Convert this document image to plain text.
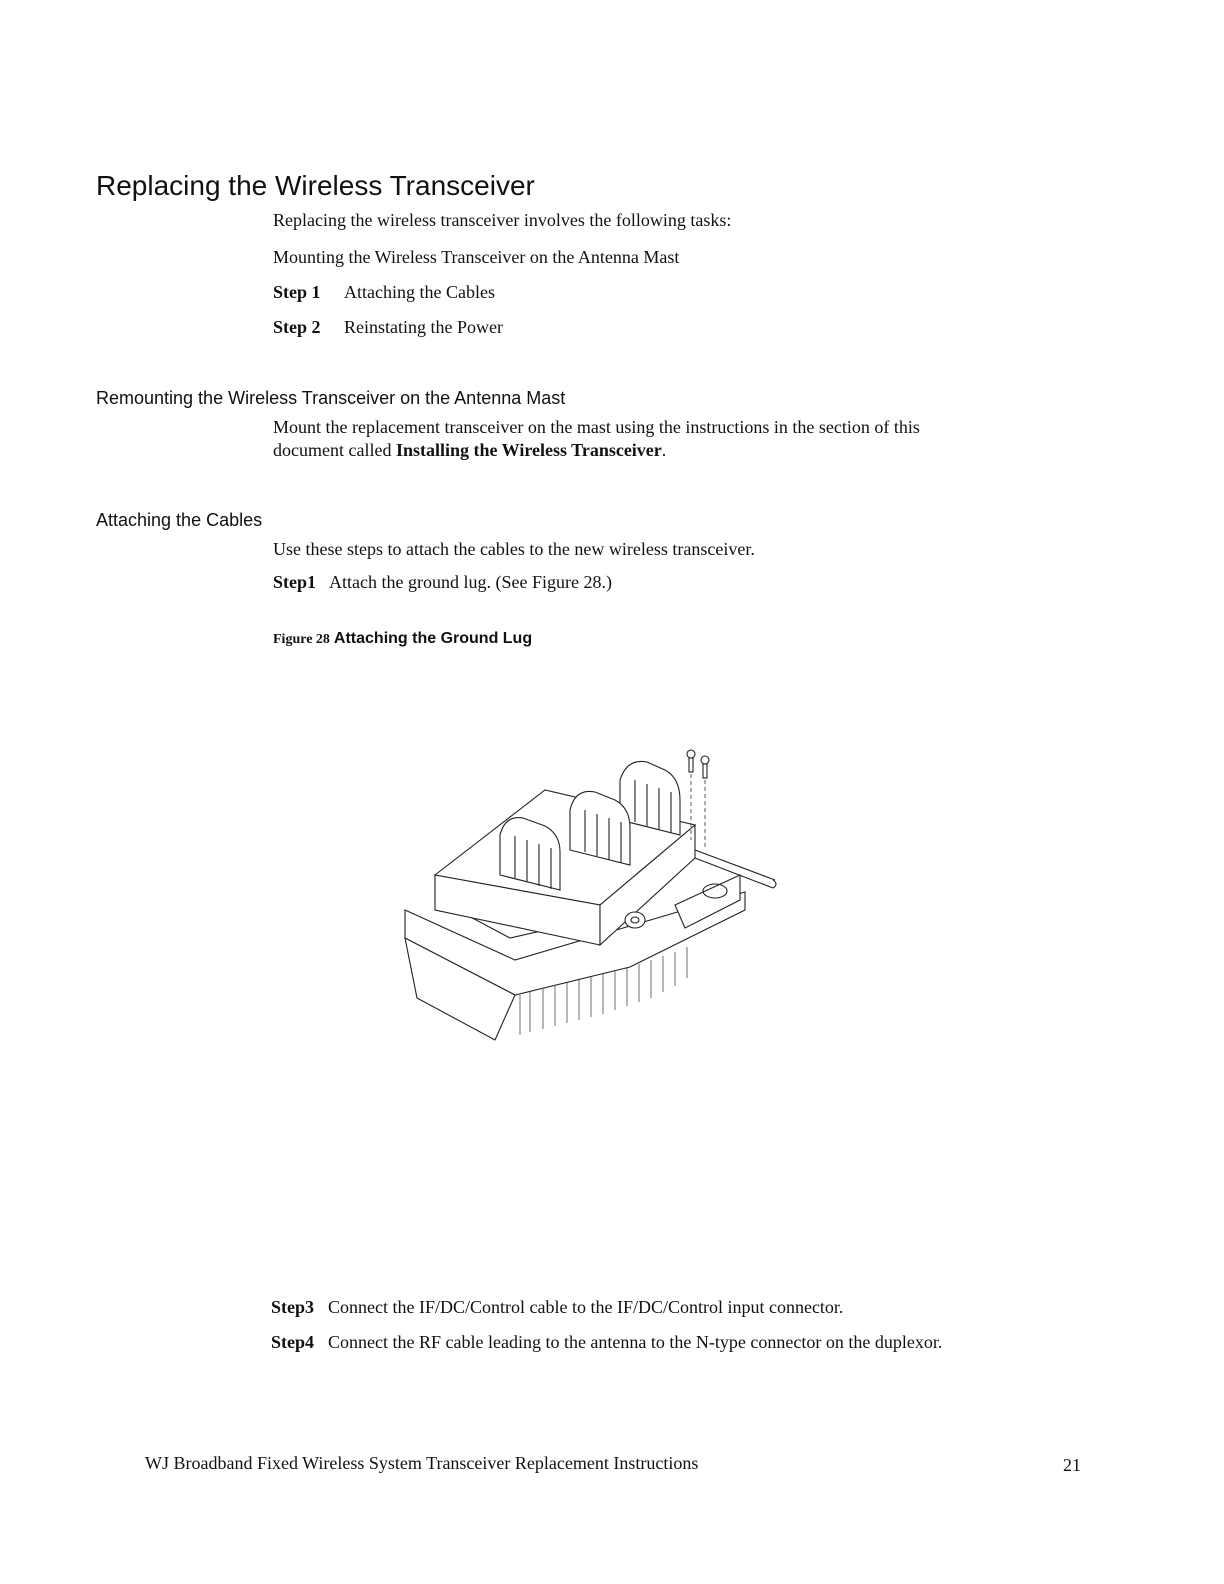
Replacing the Wireless Transceiver

Replacing the wireless transceiver involves the following tasks:

Mounting the Wireless Transceiver on the Antenna Mast

Step 1 Attaching the Cables

Step 2 Reinstating the Power

Remounting the Wireless Transceiver on the Antenna Mast

Mount the replacement transceiver on the mast using the instructions in the section of this

document called Installing the Wireless Transceiver.

Attaching the Cables

Use these steps to attach the cables to the new wireless transceiver.

Step1 Attach the ground lug. (See Figure 28.)

Figure 28 Attaching the Ground Lug

Step3 Connect the IF/DC/Control cable to the IF/DC/Control input connector.

Step4 Connect the RF cable leading to the antenna to the N-type connector on the duplexor.

WJ Broadband Fixed Wireless System Transceiver Replacement Instructions	21
